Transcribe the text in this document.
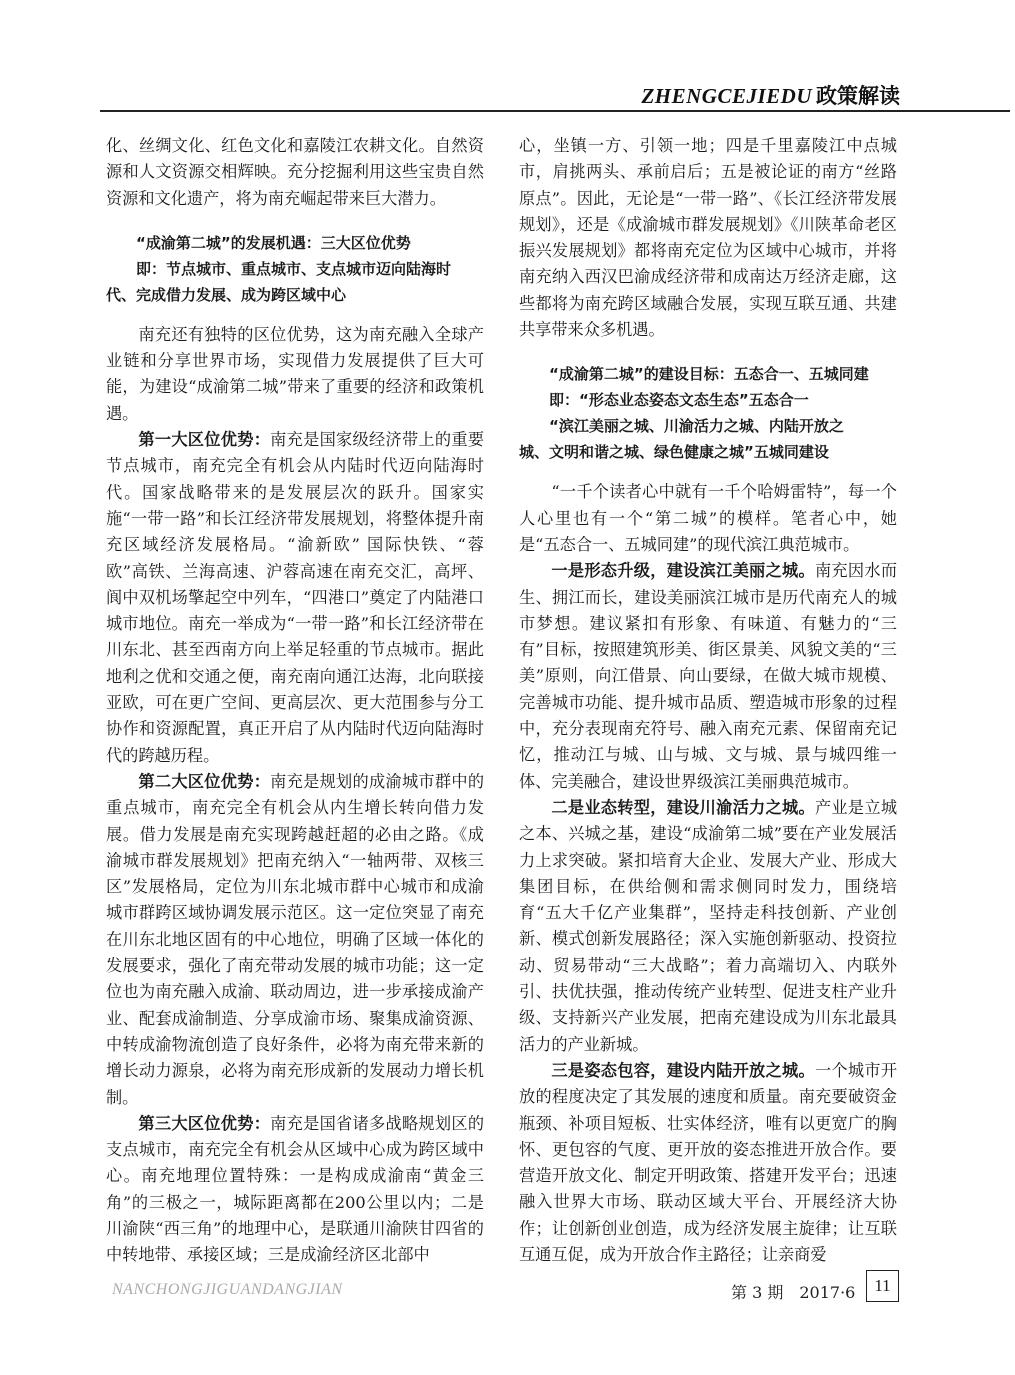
ZHENGCEJIEDU 政策解读

化、丝绸文化、红色文化和嘉陵江农耕文化。自然资源和人文资源交相辉映。充分挖掘利用这些宝贵自然资源和文化遗产，将为南充崛起带来巨大潜力。

“成渝第二城”的发展机遇：三大区位优势
即：节点城市、重点城市、支点城市迈向陆海时
代、完成借力发展、成为跨区域中心

南充还有独特的区位优势，这为南充融入全球产业链和分享世界市场，实现借力发展提供了巨大可能，为建设“成渝第二城”带来了重要的经济和政策机遇。

第一大区位优势：南充是国家级经济带上的重要节点城市，南充完全有机会从内陆时代迈向陆海时代。国家战略带来的是发展层次的跃升。国家实施“一带一路”和长江经济带发展规划，将整体提升南充区域经济发展格局。“渝新欧” 国际快铁、“蓉欧”高铁、兰海高速、沪蓉高速在南充交汇，高坪、阆中双机场擎起空中列车，“四港口”奠定了内陆港口城市地位。南充一举成为“一带一路”和长江经济带在川东北、甚至西南方向上举足轻重的节点城市。据此地利之优和交通之便，南充南向通江达海，北向联接亚欧，可在更广空间、更高层次、更大范围参与分工协作和资源配置，真正开启了从内陆时代迈向陆海时代的跨越历程。

第二大区位优势：南充是规划的成渝城市群中的重点城市，南充完全有机会从内生增长转向借力发展。借力发展是南充实现跨越赶超的必由之路。《成渝城市群发展规划》把南充纳入“一轴两带、双核三区”发展格局，定位为川东北城市群中心城市和成渝城市群跨区域协调发展示范区。这一定位突显了南充在川东北地区固有的中心地位，明确了区域一体化的发展要求，强化了南充带动发展的城市功能；这一定位也为南充融入成渝、联动周边，进一步承接成渝产业、配套成渝制造、分享成渝市场、聚集成渝资源、中转成渝物流创造了良好条件，必将为南充带来新的增长动力源泉，必将为南充形成新的发展动力增长机制。

第三大区位优势：南充是国省诸多战略规划区的支点城市，南充完全有机会从区域中心成为跨区域中心。南充地理位置特殊：一是构成成渝南“黄金三角”的三极之一，城际距离都在200公里以内；二是川渝陕“西三角”的地理中心，是联通川渝陕甘四省的中转地带、承接区域；三是成渝经济区北部中

心，坐镇一方、引领一地；四是千里嘉陵江中点城市，肩挑两头、承前启后；五是被论证的南方“丝路原点”。因此，无论是“一带一路”、《长江经济带发展规划》，还是《成渝城市群发展规划》《川陕革命老区振兴发展规划》都将南充定位为区域中心城市，并将南充纳入西汉巴渝成经济带和成南达万经济走廊，这些都将为南充跨区域融合发展，实现互联互通、共建共享带来众多机遇。

“成渝第二城”的建设目标：五态合一、五城同建
即：“形态业态姿态文态生态”五态合一
“滨江美丽之城、川渝活力之城、内陆开放之
城、文明和谐之城、绿色健康之城”五城同建设

“一千个读者心中就有一千个哈姆雷特”，每一个人心里也有一个“第二城”的模样。笔者心中，她是“五态合一、五城同建”的现代滨江典范城市。

一是形态升级，建设滨江美丽之城。南充因水而生、拥江而长，建设美丽滨江城市是历代南充人的城市梦想。建议紧扣有形象、有味道、有魅力的“三有”目标，按照建筑形美、街区景美、风貌文美的“三美”原则，向江借景、向山要绿，在做大城市规模、完善城市功能、提升城市品质、塑造城市形象的过程中，充分表现南充符号、融入南充元素、保留南充记忆，推动江与城、山与城、文与城、景与城四维一体、完美融合，建设世界级滨江美丽典范城市。

二是业态转型，建设川渝活力之城。产业是立城之本、兴城之基，建设“成渝第二城”要在产业发展活力上求突破。紧扣培育大企业、发展大产业、形成大集团目标，在供给侧和需求侧同时发力，围绕培育“五大千亿产业集群”，坚持走科技创新、产业创新、模式创新发展路径；深入实施创新驱动、投资拉动、贸易带动“三大战略”；着力高端切入、内联外引、扶优扶强，推动传统产业转型、促进支柱产业升级、支持新兴产业发展，把南充建设成为川东北最具活力的产业新城。

三是姿态包容，建设内陆开放之城。一个城市开放的程度决定了其发展的速度和质量。南充要破资金瓶颈、补项目短板、壮实体经济，唯有以更宽广的胸怀、更包容的气度、更开放的姿态推进开放合作。要营造开放文化、制定开明政策、搭建开发平台；迅速融入世界大市场、联动区域大平台、开展经济大协作；让创新创业创造，成为经济发展主旋律；让互联互通互促，成为开放合作主路径；让亲商爱

NANCHONGJIGUANDANGJIAN	第 3 期 2017·6	11
